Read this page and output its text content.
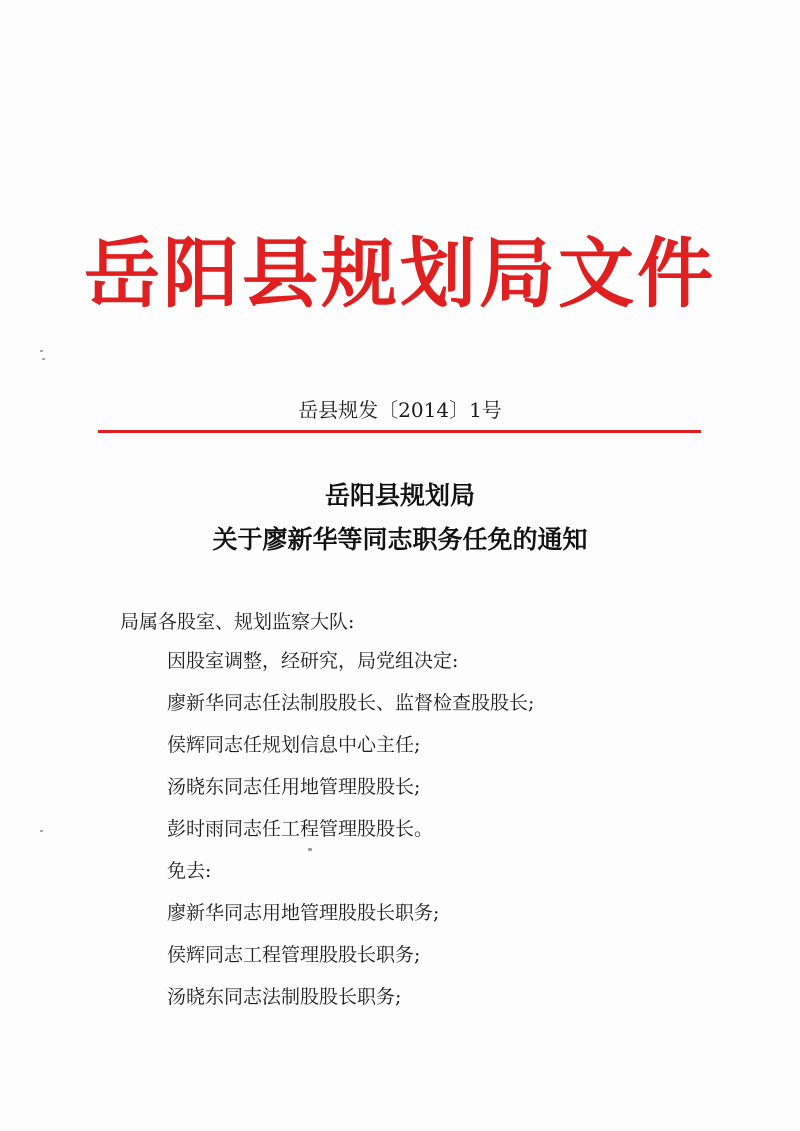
岳阳县规划局文件
岳县规发〔2014〕1号
岳阳县规划局
关于廖新华等同志职务任免的通知
局属各股室、规划监察大队:
因股室调整，经研究，局党组决定:
廖新华同志任法制股股长、监督检查股股长;
侯辉同志任规划信息中心主任;
汤晓东同志任用地管理股股长;
彭时雨同志任工程管理股股长。
免去:
廖新华同志用地管理股股长职务;
侯辉同志工程管理股股长职务;
汤晓东同志法制股股长职务;
